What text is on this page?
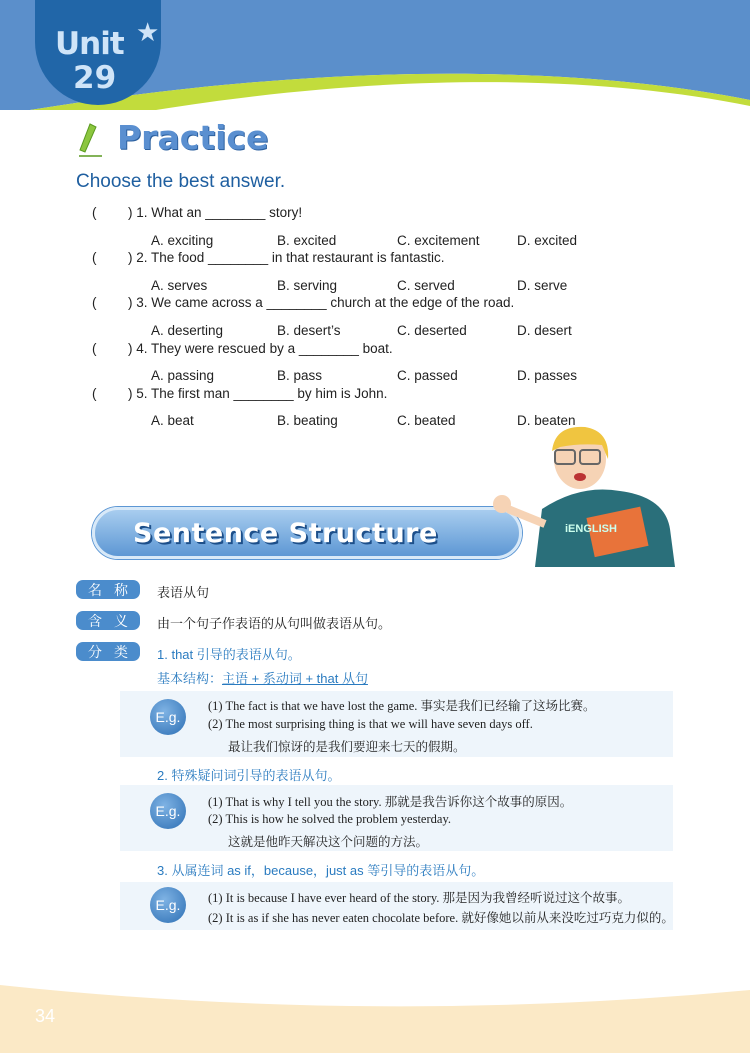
Unit
29
★
Practice
Choose the best answer.
Sentence Structure	iENGLISH
( ) 1. What an ________ story!
A. exciting	B. excited	C. excitement	D. excited
( ) 2. The food ________ in that restaurant is fantastic.
A. serves	B. serving	C. served	D. serve
( ) 3. We came across a ________ church at the edge of the road.
A. deserting	B. desert’s	C. deserted	D. desert
( ) 4. They were rescued by a ________ boat.
A. passing	B. pass	C. passed	D. passes
( ) 5. The first man ________ by him is John.
A. beat	B. beating	C. beated	D. beaten
名 称 表语从句
含 义 由一个句子作表语的从句叫做表语从句。
分 类 1. that 引导的表语从句。
基本结构：主语 + 系动词 + that 从句
E.g.
(1) The fact is that we have lost the game. 事实是我们已经输了这场比赛。
(2) The most surprising thing is that we will have seven days off.
最让我们惊讶的是我们要迎来七天的假期。
2. 特殊疑问词引导的表语从句。
E.g.
(1) That is why I tell you the story. 那就是我告诉你这个故事的原因。
(2) This is how he solved the problem yesterday.
这就是他昨天解决这个问题的方法。
3. 从属连词 as if，because，just as 等引导的表语从句。
E.g.	(1) It is because I have ever heard of the story. 那是因为我曾经听说过这个故事。
(2) It is as if she has never eaten chocolate before. 就好像她以前从来没吃过巧克力似的。
34
